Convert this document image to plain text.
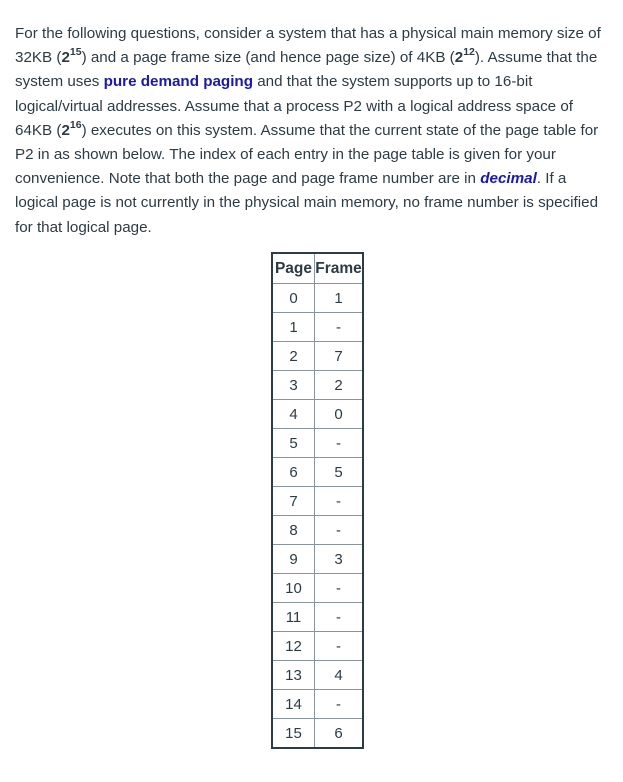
For the following questions, consider a system that has a physical main memory size of 32KB $(2^{15})$ and a page frame size (and hence page size) of 4KB $(2^{12})$. Assume that the system uses pure demand paging and that the system supports up to 16-bit logical/virtual addresses. Assume that a process P2 with a logical address space of 64KB $(2^{16})$ executes on this system. Assume that the current state of the page table for P2 in as shown below. The index of each entry in the page table is given for your convenience. Note that both the page and page frame number are in decimal. If a logical page is not currently in the physical main memory, no frame number is specified for that logical page.

Page	Frame
0	1
1	-
2	7
3	2
4	0
5	-
6	5
7	-
8	-
9	3
10	-
11	-
12	-
13	4
14	-
15	6
